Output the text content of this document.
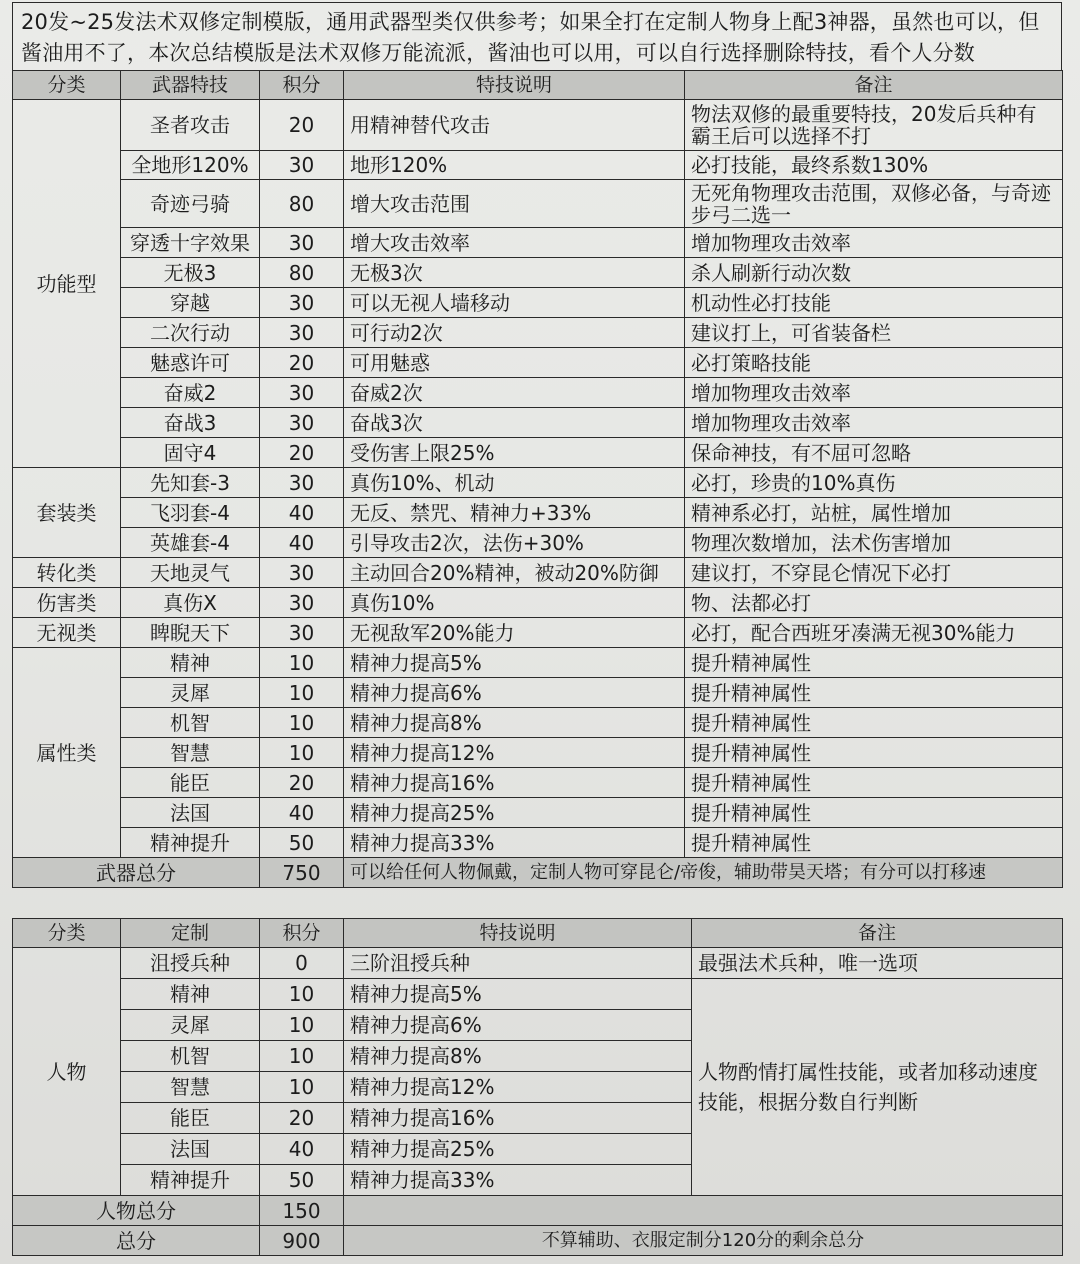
20发~25发法术双修定制模版，通用武器型类仅供参考；如果全打在定制人物身上配3神器，虽然也可以，但酱油用不了，本次总结模版是法术双修万能流派，酱油也可以用，可以自行选择删除特技，看个人分数
分类	武器特技	积分	特技说明	备注
功能型	圣者攻击	20	用精神替代攻击	物法双修的最重要特技，20发后兵种有霸王后可以选择不打
	全地形120%	30	地形120%	必打技能，最终系数130%
	奇迹弓骑	80	增大攻击范围	无死角物理攻击范围，双修必备，与奇迹步弓二选一
	穿透十字效果	30	增大攻击效率	增加物理攻击效率
	无极3	80	无极3次	杀人刷新行动次数
	穿越	30	可以无视人墙移动	机动性必打技能
	二次行动	30	可行动2次	建议打上，可省装备栏
	魅惑许可	20	可用魅惑	必打策略技能
	奋威2	30	奋威2次	增加物理攻击效率
	奋战3	30	奋战3次	增加物理攻击效率
	固守4	20	受伤害上限25%	保命神技，有不屈可忽略
套装类	先知套-3	30	真伤10%、机动	必打，珍贵的10%真伤
	飞羽套-4	40	无反、禁咒、精神力+33%	精神系必打，站桩，属性增加
	英雄套-4	40	引导攻击2次，法伤+30%	物理次数增加，法术伤害增加
转化类	天地灵气	30	主动回合20%精神，被动20%防御	建议打，不穿昆仑情况下必打
伤害类	真伤X	30	真伤10%	物、法都必打
无视类	睥睨天下	30	无视敌军20%能力	必打，配合西班牙凑满无视30%能力
属性类	精神	10	精神力提高5%	提升精神属性
	灵犀	10	精神力提高6%	提升精神属性
	机智	10	精神力提高8%	提升精神属性
	智慧	10	精神力提高12%	提升精神属性
	能臣	20	精神力提高16%	提升精神属性
	法国	40	精神力提高25%	提升精神属性
	精神提升	50	精神力提高33%	提升精神属性
武器总分		750	可以给任何人物佩戴，定制人物可穿昆仑/帝俊，辅助带昊天塔；有分可以打移速	
分类	定制	积分	特技说明	备注
人物	沮授兵种	0	三阶沮授兵种	最强法术兵种，唯一选项
	精神	10	精神力提高5%	人物酌情打属性技能，或者加移动速度技能，根据分数自行判断
	灵犀	10	精神力提高6%	
	机智	10	精神力提高8%	
	智慧	10	精神力提高12%	
	能臣	20	精神力提高16%	
	法国	40	精神力提高25%	
	精神提升	50	精神力提高33%	
人物总分		150		
总分		900	不算辅助、衣服定制分120分的剩余总分	
